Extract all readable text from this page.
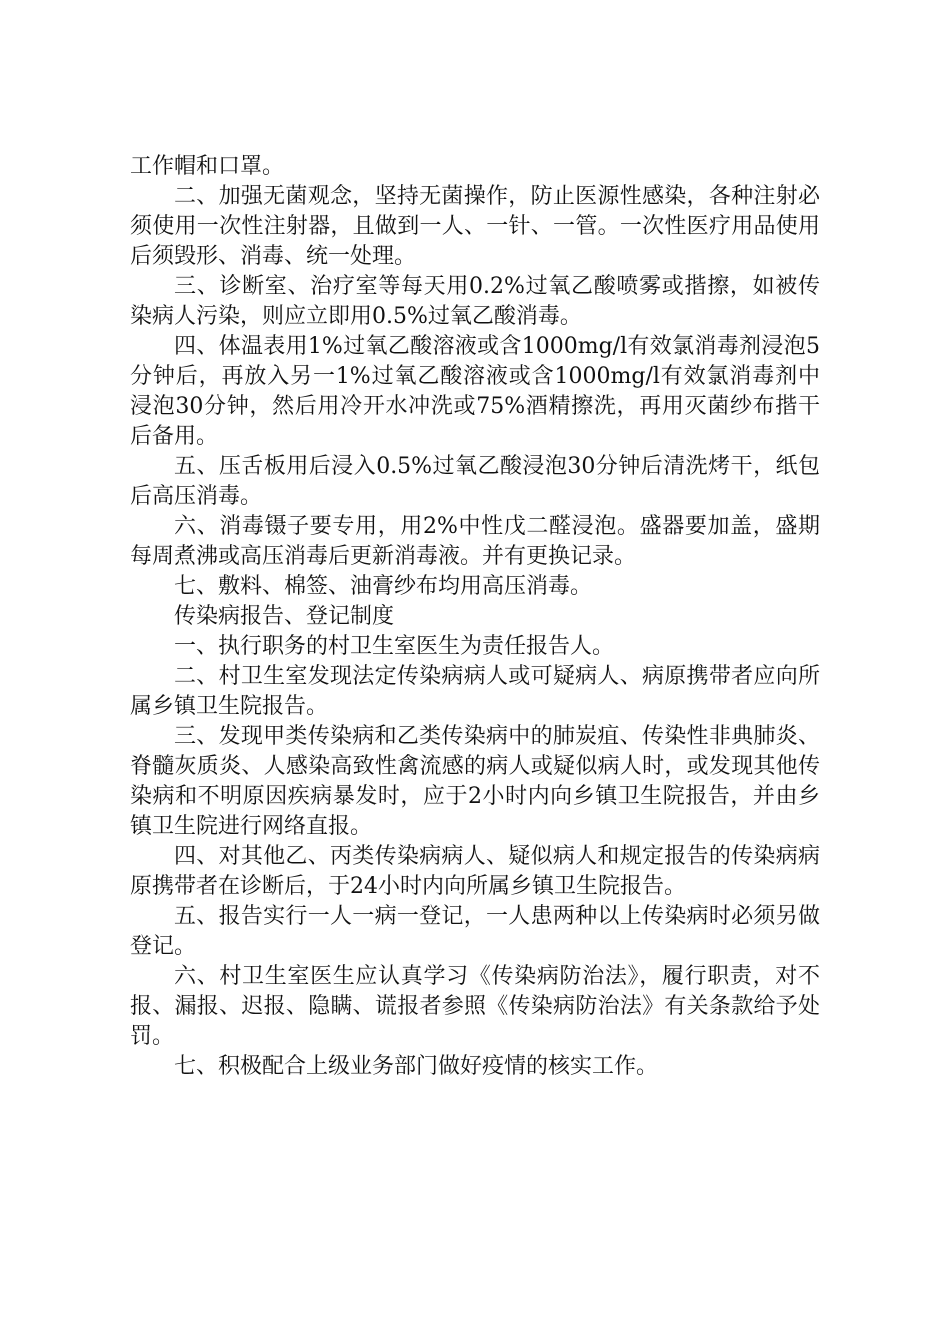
工作帽和口罩。

二、加强无菌观念，坚持无菌操作，防止医源性感染，各种注射必须使用一次性注射器，且做到一人、一针、一管。一次性医疗用品使用后须毁形、消毒、统一处理。

三、诊断室、治疗室等每天用0.2%过氧乙酸喷雾或揩擦，如被传染病人污染，则应立即用0.5%过氧乙酸消毒。

四、体温表用1%过氧乙酸溶液或含1000mg/l有效氯消毒剂浸泡5分钟后，再放入另一1%过氧乙酸溶液或含1000mg/l有效氯消毒剂中浸泡30分钟，然后用冷开水冲洗或75%酒精擦洗，再用灭菌纱布揩干后备用。

五、压舌板用后浸入0.5%过氧乙酸浸泡30分钟后清洗烤干，纸包后高压消毒。

六、消毒镊子要专用，用2%中性戊二醛浸泡。盛器要加盖，盛期每周煮沸或高压消毒后更新消毒液。并有更换记录。

七、敷料、棉签、油膏纱布均用高压消毒。

传染病报告、登记制度

一、执行职务的村卫生室医生为责任报告人。

二、村卫生室发现法定传染病病人或可疑病人、病原携带者应向所属乡镇卫生院报告。

三、发现甲类传染病和乙类传染病中的肺炭疽、传染性非典肺炎、脊髓灰质炎、人感染高致性禽流感的病人或疑似病人时，或发现其他传染病和不明原因疾病暴发时，应于2小时内向乡镇卫生院报告，并由乡镇卫生院进行网络直报。

四、对其他乙、丙类传染病病人、疑似病人和规定报告的传染病病原携带者在诊断后，于24小时内向所属乡镇卫生院报告。

五、报告实行一人一病一登记，一人患两种以上传染病时必须另做登记。

六、村卫生室医生应认真学习《传染病防治法》，履行职责，对不报、漏报、迟报、隐瞒、谎报者参照《传染病防治法》有关条款给予处罚。

七、积极配合上级业务部门做好疫情的核实工作。
